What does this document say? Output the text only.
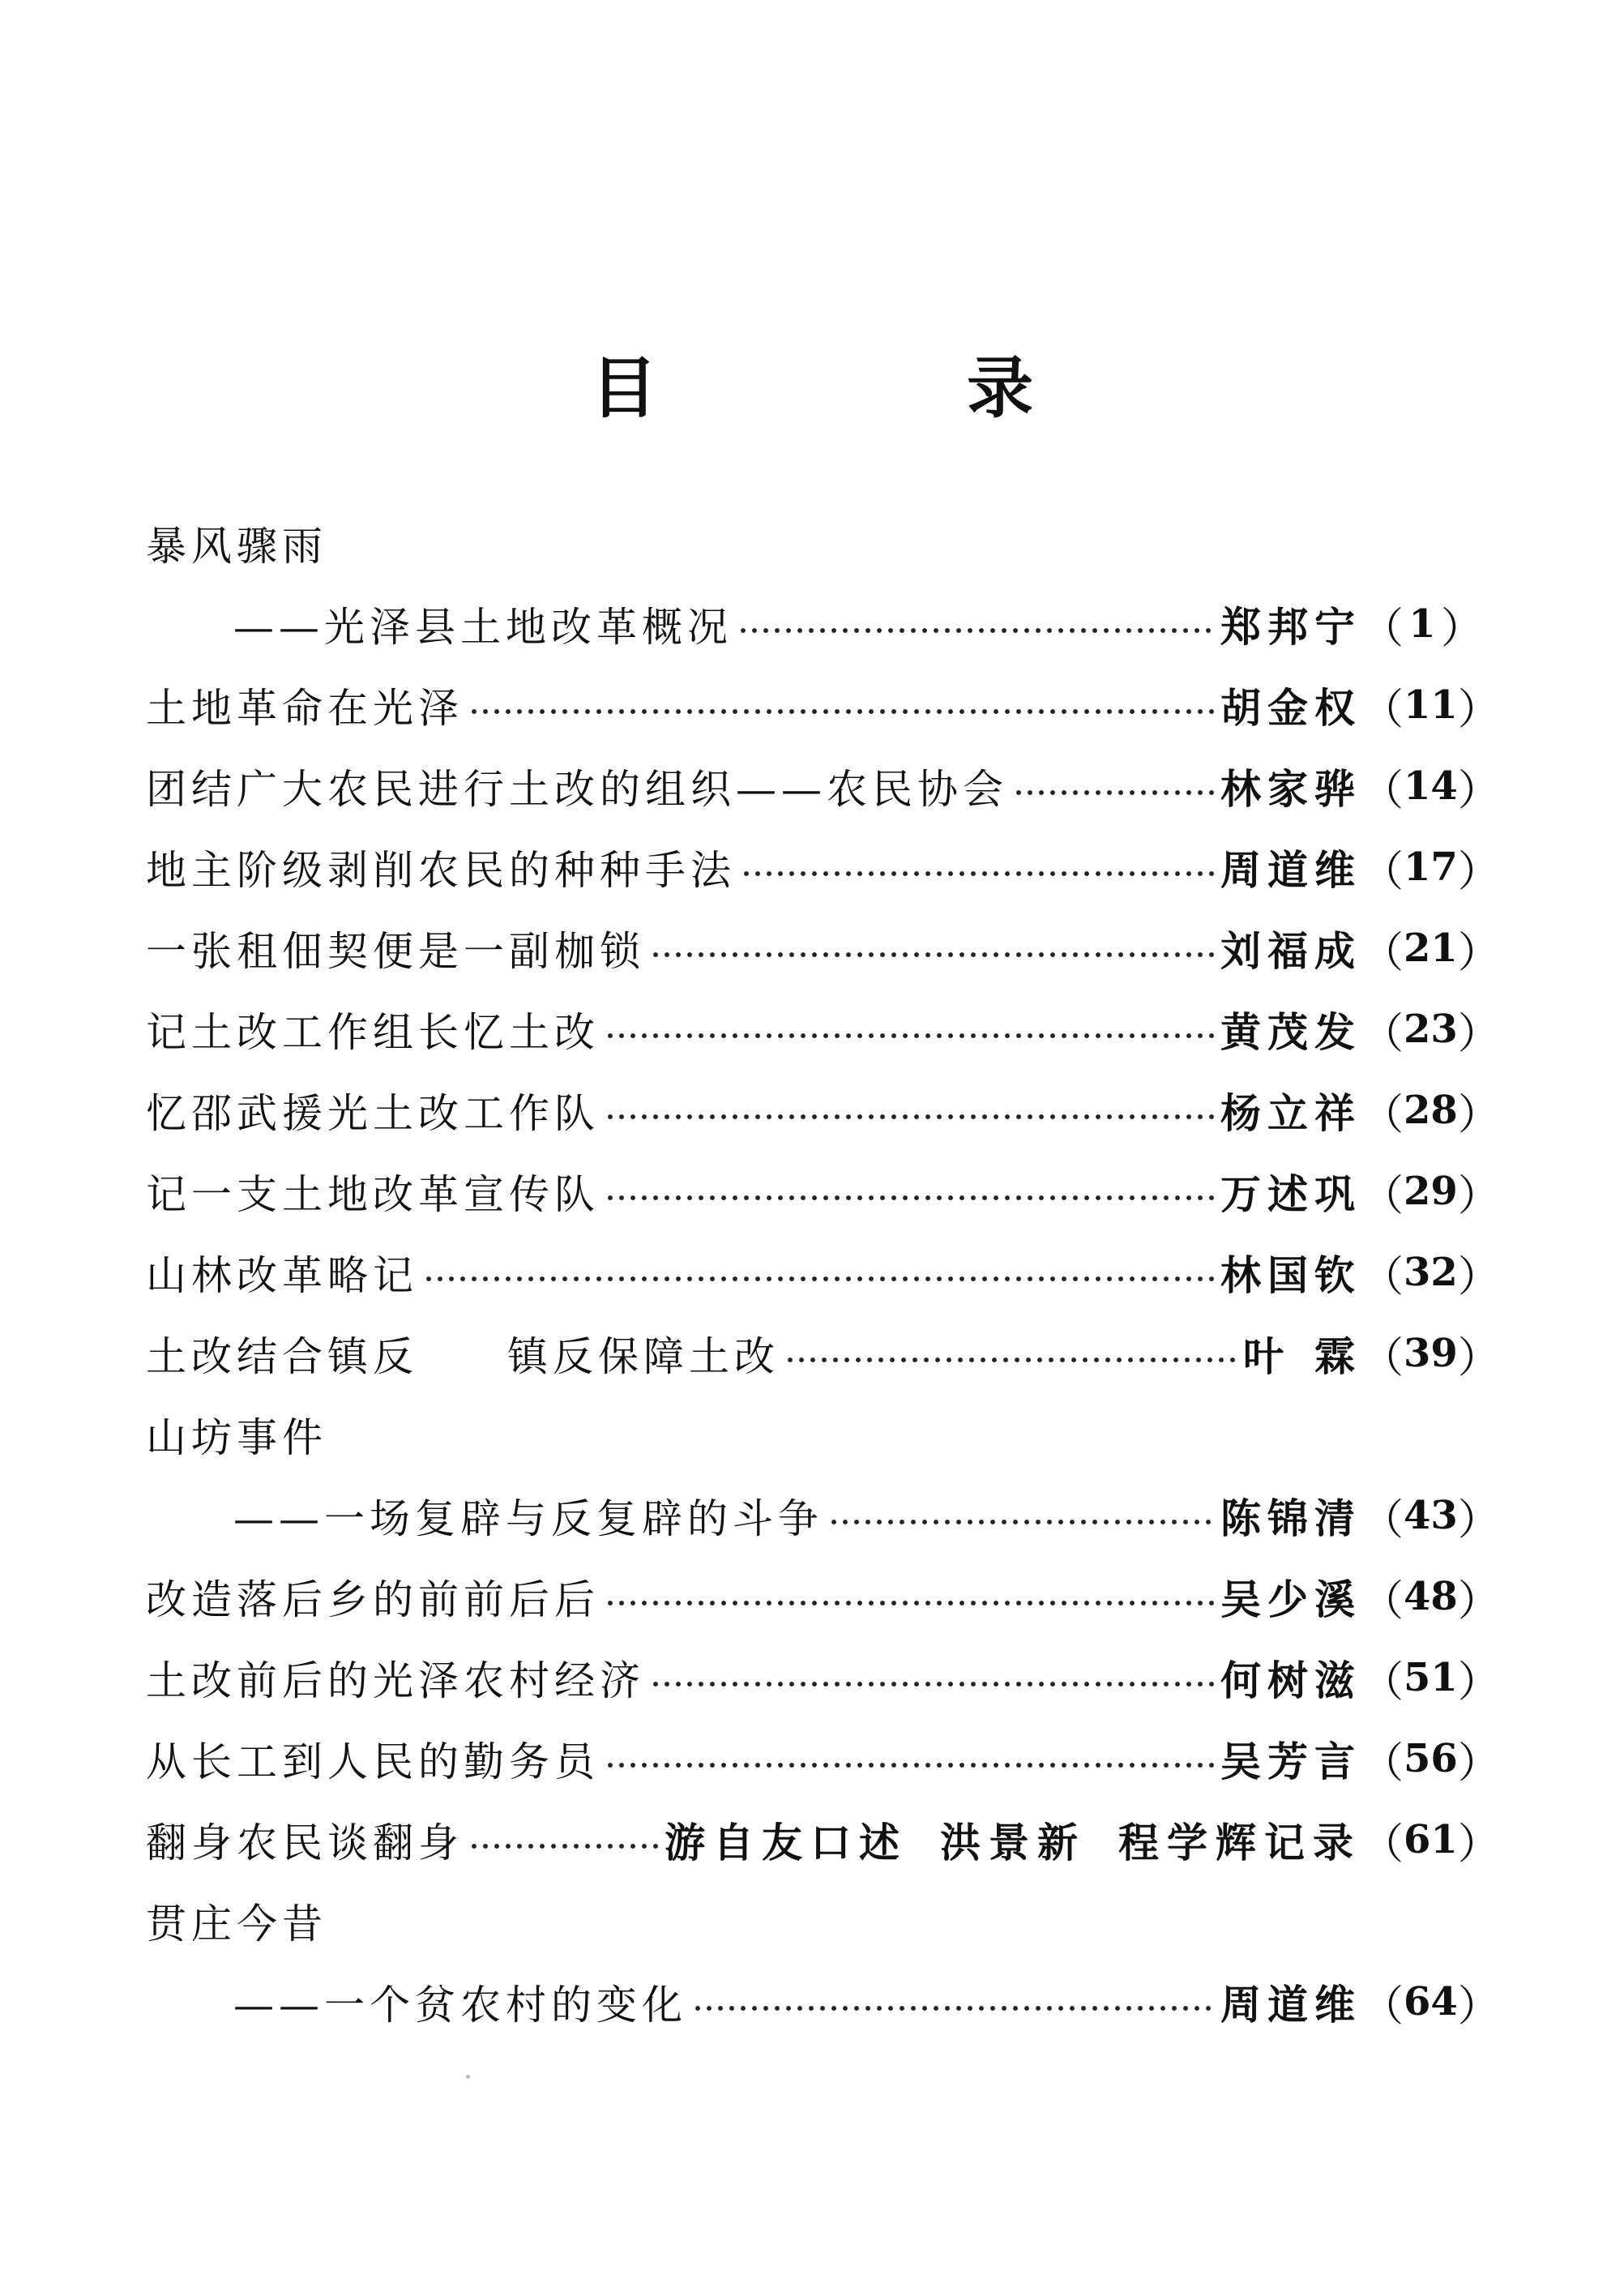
目　录
暴风骤雨
——光泽县土地改革概况	郑邦宁 （ 1 ）
土地革命在光泽	胡金权 （ 11 ）
团结广大农民进行土改的组织——农民协会	林家骅 （ 14 ）
地主阶级剥削农民的种种手法	周道维 （ 17 ）
一张租佃契便是一副枷锁	刘福成 （ 21 ）
记土改工作组长忆土改	黄茂发 （ 23 ）
忆邵武援光土改工作队	杨立祥 （ 28 ）
记一支土地改革宣传队	万述巩 （ 29 ）
山林改革略记	林国钦 （ 32 ）
土改结合镇反 镇反保障土改	叶霖 （ 39 ）
山坊事件
——一场复辟与反复辟的斗争	陈锦清 （ 43 ）
改造落后乡的前前后后	吴少溪 （ 48 ）
土改前后的光泽农村经济	何树滋 （ 51 ）
从长工到人民的勤务员	吴芳言 （ 56 ）
翻身农民谈翻身	游自友口述 洪景新 程学辉记录 （ 61 ）
贯庄今昔
——一个贫农村的变化	周道维 （ 64 ）
